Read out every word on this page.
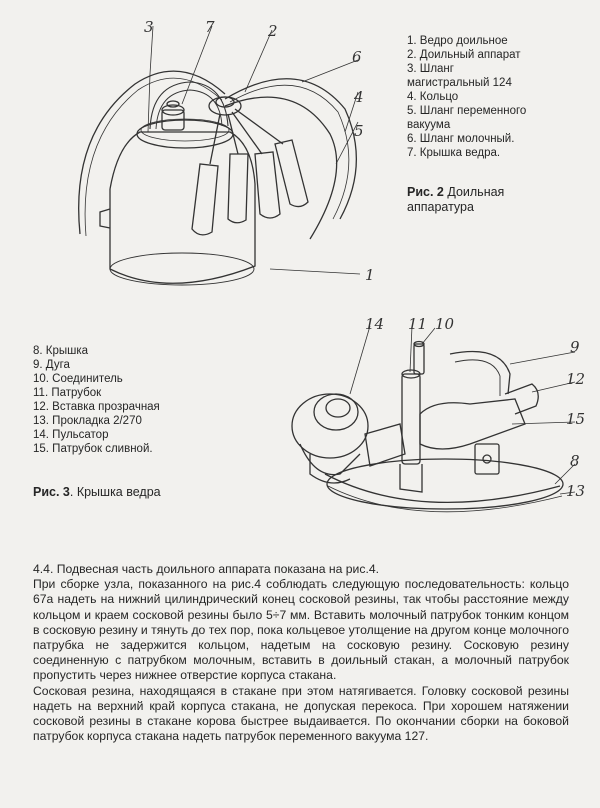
3	7	2
6
4
5
1
1. Ведро доильное
2. Доильный аппарат
3. Шланг
магистральный 124
4. Кольцо
5. Шланг переменного
вакуума
6. Шланг молочный.
7. Крышка ведра.
Рис. 2 Доильная аппаратура
14 11 10
9
12
15
8
13
8. Крышка
9. Дуга
10. Соединитель
11. Патрубок
12. Вставка прозрачная
13. Прокладка 2/270
14. Пульсатор
15. Патрубок сливной.
Рис. 3. Крышка ведра

4.4. Подвесная часть доильного аппарата показана на рис.4.

При сборке узла, показанного на рис.4 соблюдать следующую последовательность: кольцо 67а надеть на нижний цилиндрический конец сосковой резины, так чтобы расстояние между кольцом и краем сосковой резины было 5÷7 мм. Вставить молочный патрубок тонким концом в сосковую резину и тянуть до тех пор, пока кольцевое утолщение на другом конце молочного патрубка не задержится кольцом, надетым на сосковую резину. Сосковую резину соединенную с патрубком молочным, вставить в доильный стакан, а молочный патрубок пропустить через нижнее отверстие корпуса стакана.

Сосковая резина, находящаяся в стакане при этом натягивается. Головку сосковой резины надеть на верхний край корпуса стакана, не допуская перекоса. При хорошем натяжении сосковой резины в стакане корова быстрее выдаивается. По окончании сборки на боковой патрубок корпуса стакана надеть патрубок переменного вакуума 127.
